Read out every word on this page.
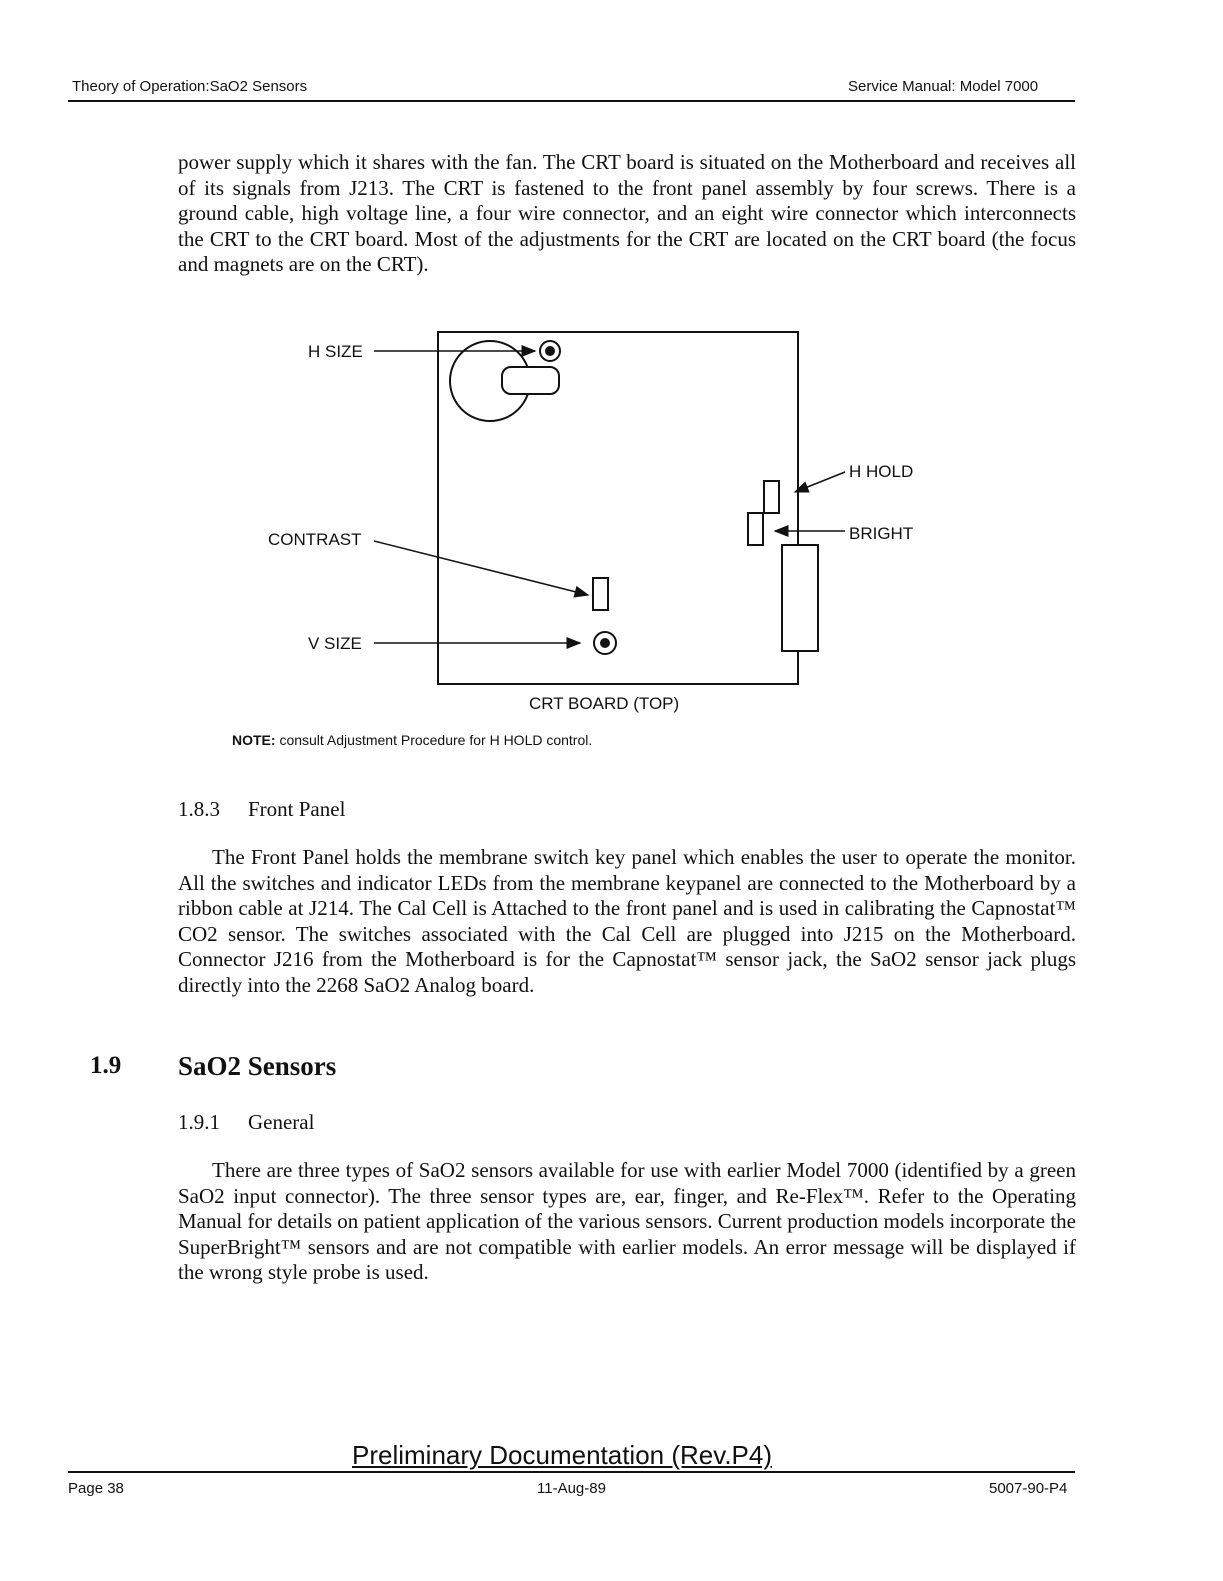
Theory of Operation:SaO2 Sensors	Service Manual: Model 7000

power supply which it shares with the fan. The CRT board is situated on the Motherboard and receives all of its signals from J213. The CRT is fastened to the front panel assembly by four screws. There is a ground cable, high voltage line, a four wire connector, and an eight wire connector which interconnects the CRT to the CRT board. Most of the adjustments for the CRT are located on the CRT board (the focus and magnets are on the CRT).

H SIZE
CONTRAST
V SIZE
H HOLD
BRIGHT
CRT BOARD (TOP)
NOTE: consult Adjustment Procedure for H HOLD control.
1.8.3 Front Panel

The Front Panel holds the membrane switch key panel which enables the user to operate the monitor. All the switches and indicator LEDs from the membrane keypanel are connected to the Motherboard by a ribbon cable at J214. The Cal Cell is Attached to the front panel and is used in calibrating the Capnostat™ CO2 sensor. The switches associated with the Cal Cell are plugged into J215 on the Motherboard. Connector J216 from the Motherboard is for the Capnostat™ sensor jack, the SaO2 sensor jack plugs directly into the 2268 SaO2 Analog board.

1.9 SaO2 Sensors
1.9.1 General

There are three types of SaO2 sensors available for use with earlier Model 7000 (identified by a green SaO2 input connector). The three sensor types are, ear, finger, and Re-Flex™. Refer to the Operating Manual for details on patient application of the various sensors. Current production models incorporate the SuperBright™ sensors and are not compatible with earlier models. An error message will be displayed if the wrong style probe is used.

Preliminary Documentation (Rev.P4)
Page 38	11-Aug-89	5007-90-P4
